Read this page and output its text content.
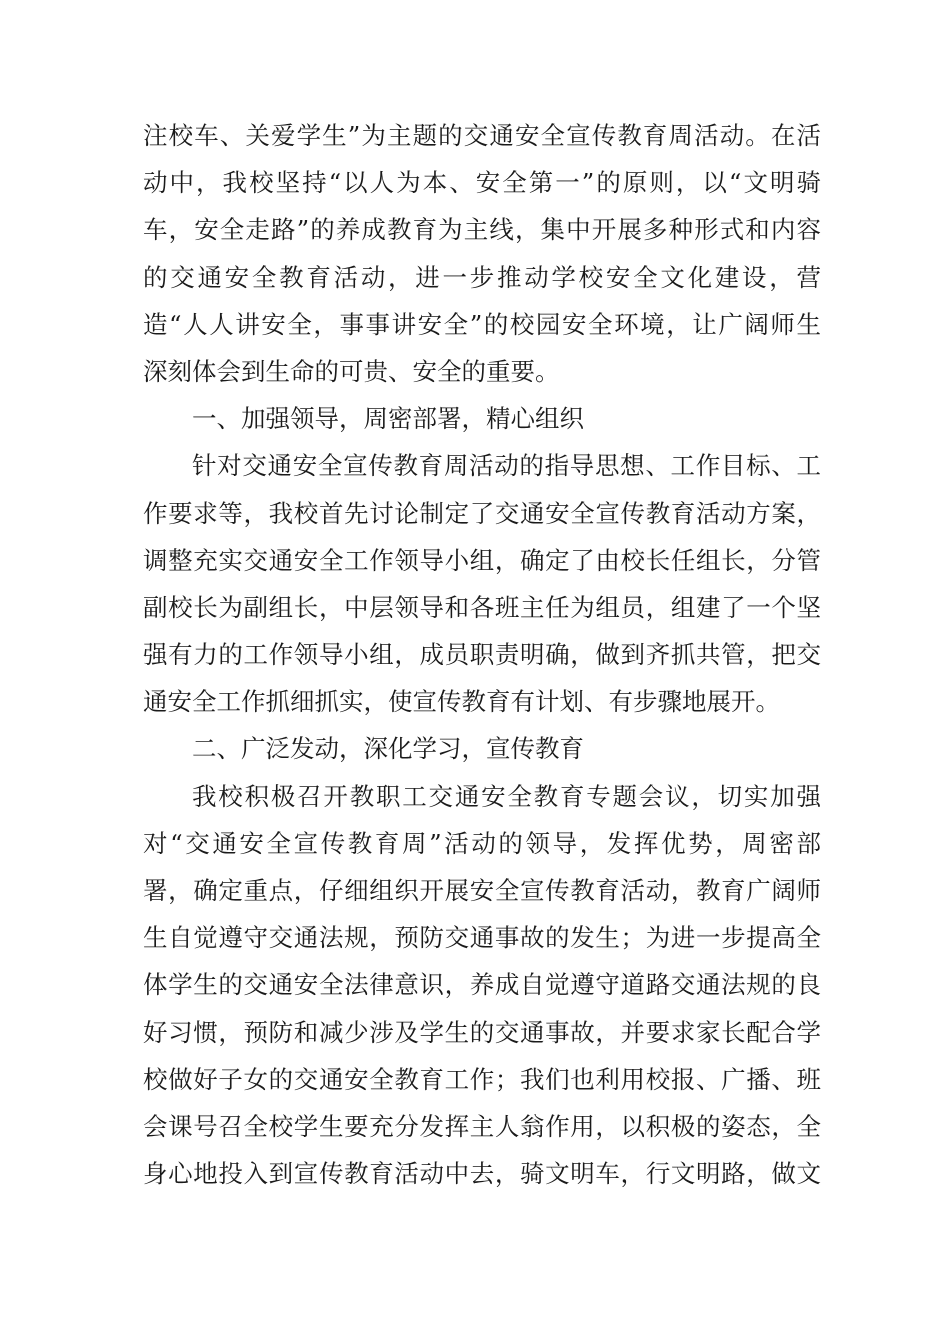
注校车、关爱学生”为主题的交通安全宣传教育周活动。在活
动中，我校坚持“以人为本、安全第一”的原则，以“文明骑
车，安全走路”的养成教育为主线，集中开展多种形式和内容
的交通安全教育活动，进一步推动学校安全文化建设，营
造“人人讲安全，事事讲安全”的校园安全环境，让广阔师生
深刻体会到生命的可贵、安全的重要。
一、加强领导，周密部署，精心组织
针对交通安全宣传教育周活动的指导思想、工作目标、工
作要求等，我校首先讨论制定了交通安全宣传教育活动方案，
调整充实交通安全工作领导小组，确定了由校长任组长，分管
副校长为副组长，中层领导和各班主任为组员，组建了一个坚
强有力的工作领导小组，成员职责明确，做到齐抓共管，把交
通安全工作抓细抓实，使宣传教育有计划、有步骤地展开。
二、广泛发动，深化学习，宣传教育
我校积极召开教职工交通安全教育专题会议，切实加强
对“交通安全宣传教育周”活动的领导，发挥优势，周密部
署，确定重点，仔细组织开展安全宣传教育活动，教育广阔师
生自觉遵守交通法规，预防交通事故的发生；为进一步提高全
体学生的交通安全法律意识，养成自觉遵守道路交通法规的良
好习惯，预防和减少涉及学生的交通事故，并要求家长配合学
校做好子女的交通安全教育工作；我们也利用校报、广播、班
会课号召全校学生要充分发挥主人翁作用，以积极的姿态，全
身心地投入到宣传教育活动中去，骑文明车，行文明路，做文
